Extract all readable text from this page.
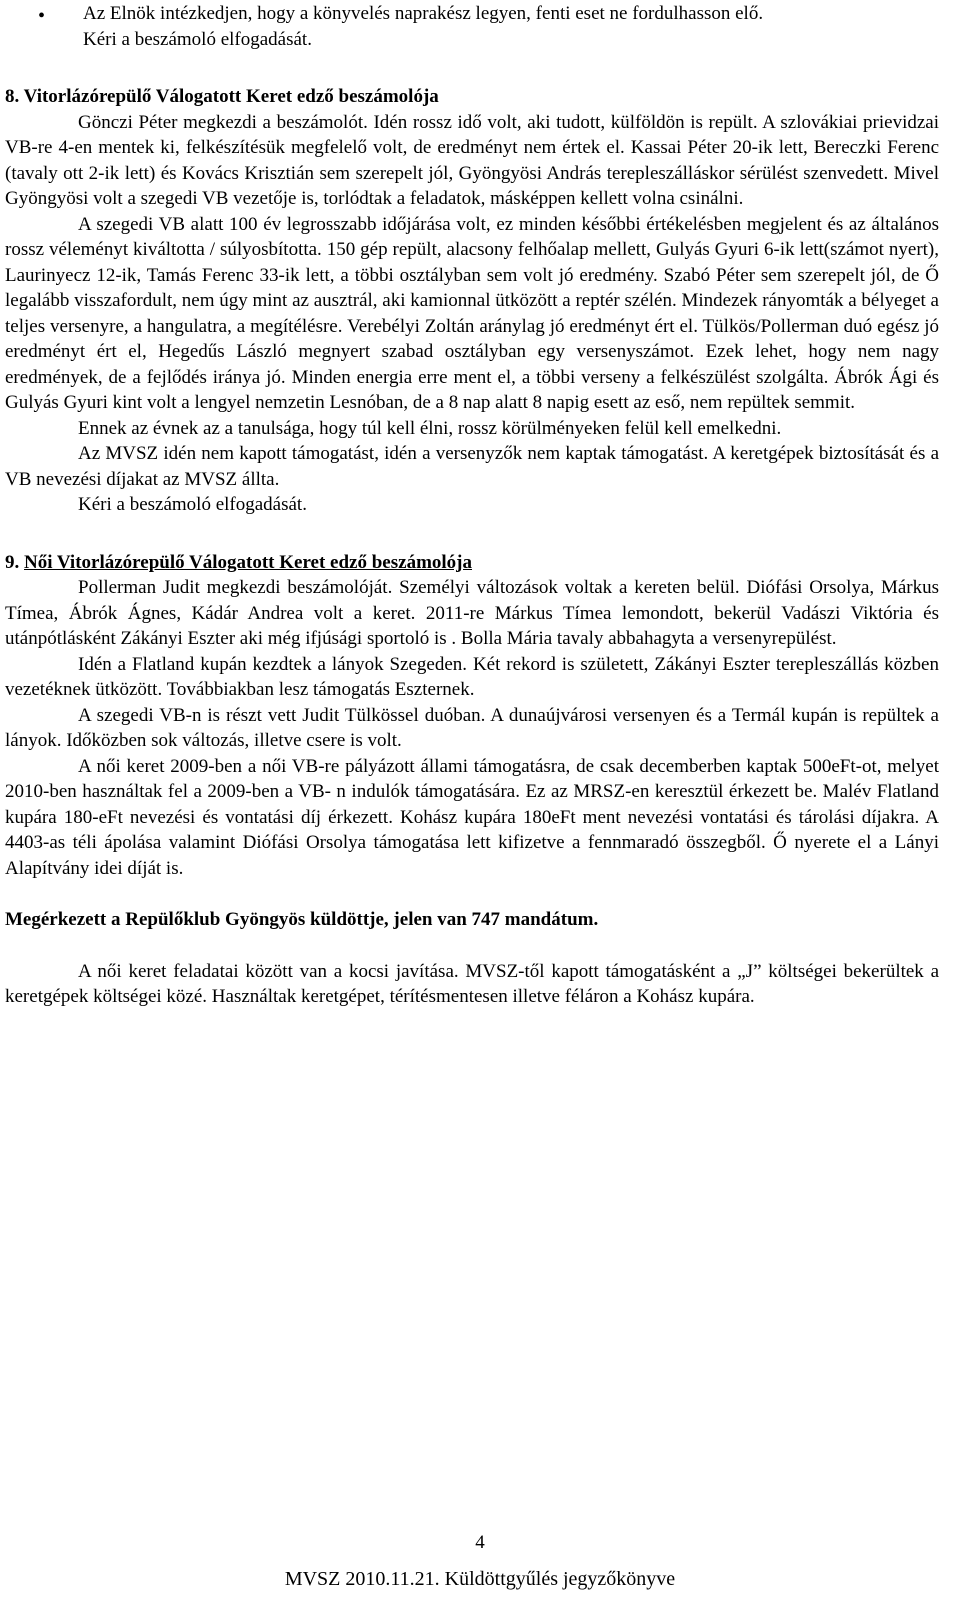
• Az Elnök intézkedjen, hogy a könyvelés naprakész legyen, fenti eset ne fordulhasson elő.

Kéri a beszámoló elfogadását.

8. Vitorlázórepülő Válogatott Keret edző beszámolója

Gönczi Péter megkezdi a beszámolót. Idén rossz idő volt, aki tudott, külföldön is repült. A szlovákiai prievidzai VB-re 4-en mentek ki, felkészítésük megfelelő volt, de eredményt nem értek el. Kassai Péter 20-ik lett, Bereczki Ferenc (tavaly ott 2-ik lett) és Kovács Krisztián sem szerepelt jól, Gyöngyösi András terepleszálláskor sérülést szenvedett. Mivel Gyöngyösi volt a szegedi VB vezetője is, torlódtak a feladatok, másképpen kellett volna csinálni.

A szegedi VB alatt 100 év legrosszabb időjárása volt, ez minden későbbi értékelésben megjelent és az általános rossz véleményt kiváltotta / súlyosbította. 150 gép repült, alacsony felhőalap mellett, Gulyás Gyuri 6-ik lett(számot nyert), Laurinyecz 12-ik, Tamás Ferenc 33-ik lett, a többi osztályban sem volt jó eredmény. Szabó Péter sem szerepelt jól, de Ő legalább visszafordult, nem úgy mint az ausztrál, aki kamionnal ütközött a reptér szélén. Mindezek rányomták a bélyeget a teljes versenyre, a hangulatra, a megítélésre. Verebélyi Zoltán aránylag jó eredményt ért el. Tülkös/Pollerman duó egész jó eredményt ért el, Hegedűs László megnyert szabad osztályban egy versenyszámot. Ezek lehet, hogy nem nagy eredmények, de a fejlődés iránya jó. Minden energia erre ment el, a többi verseny a felkészülést szolgálta. Ábrók Ági és Gulyás Gyuri kint volt a lengyel nemzetin Lesnóban, de a 8 nap alatt 8 napig esett az eső, nem repültek semmit.

Ennek az évnek az a tanulsága, hogy túl kell élni, rossz körülményeken felül kell emelkedni.

Az MVSZ idén nem kapott támogatást, idén a versenyzők nem kaptak támogatást. A keretgépek biztosítását és a VB nevezési díjakat az MVSZ állta.

Kéri a beszámoló elfogadását.

9. Női Vitorlázórepülő Válogatott Keret edző beszámolója

Pollerman Judit megkezdi beszámolóját. Személyi változások voltak a kereten belül. Diófási Orsolya, Márkus Tímea, Ábrók Ágnes, Kádár Andrea volt a keret. 2011-re Márkus Tímea lemondott, bekerül Vadászi Viktória és utánpótlásként Zákányi Eszter aki még ifjúsági sportoló is . Bolla Mária tavaly abbahagyta a versenyrepülést.

Idén a Flatland kupán kezdtek a lányok Szegeden. Két rekord is született, Zákányi Eszter terepleszállás közben vezetéknek ütközött. Továbbiakban lesz támogatás Eszternek.

A szegedi VB-n is részt vett Judit Tülkössel duóban. A dunaújvárosi versenyen és a Termál kupán is repültek a lányok. Időközben sok változás, illetve csere is volt.

A női keret 2009-ben a női VB-re pályázott állami támogatásra, de csak decemberben kaptak 500eFt-ot, melyet 2010-ben használtak fel a 2009-ben a VB- n indulók támogatására. Ez az MRSZ-en keresztül érkezett be. Malév Flatland kupára 180-eFt nevezési és vontatási díj érkezett. Kohász kupára 180eFt ment nevezési vontatási és tárolási díjakra. A 4403-as téli ápolása valamint Diófási Orsolya támogatása lett kifizetve a fennmaradó összegből. Ő nyerete el a Lányi Alapítvány idei díját is.

Megérkezett a Repülőklub Gyöngyös küldöttje, jelen van 747 mandátum.

A női keret feladatai között van a kocsi javítása. MVSZ-től kapott támogatásként a „J” költségei bekerültek a keretgépek költségei közé. Használtak keretgépet, térítésmentesen illetve féláron a Kohász kupára.

4
MVSZ 2010.11.21. Küldöttgyűlés jegyzőkönyve
